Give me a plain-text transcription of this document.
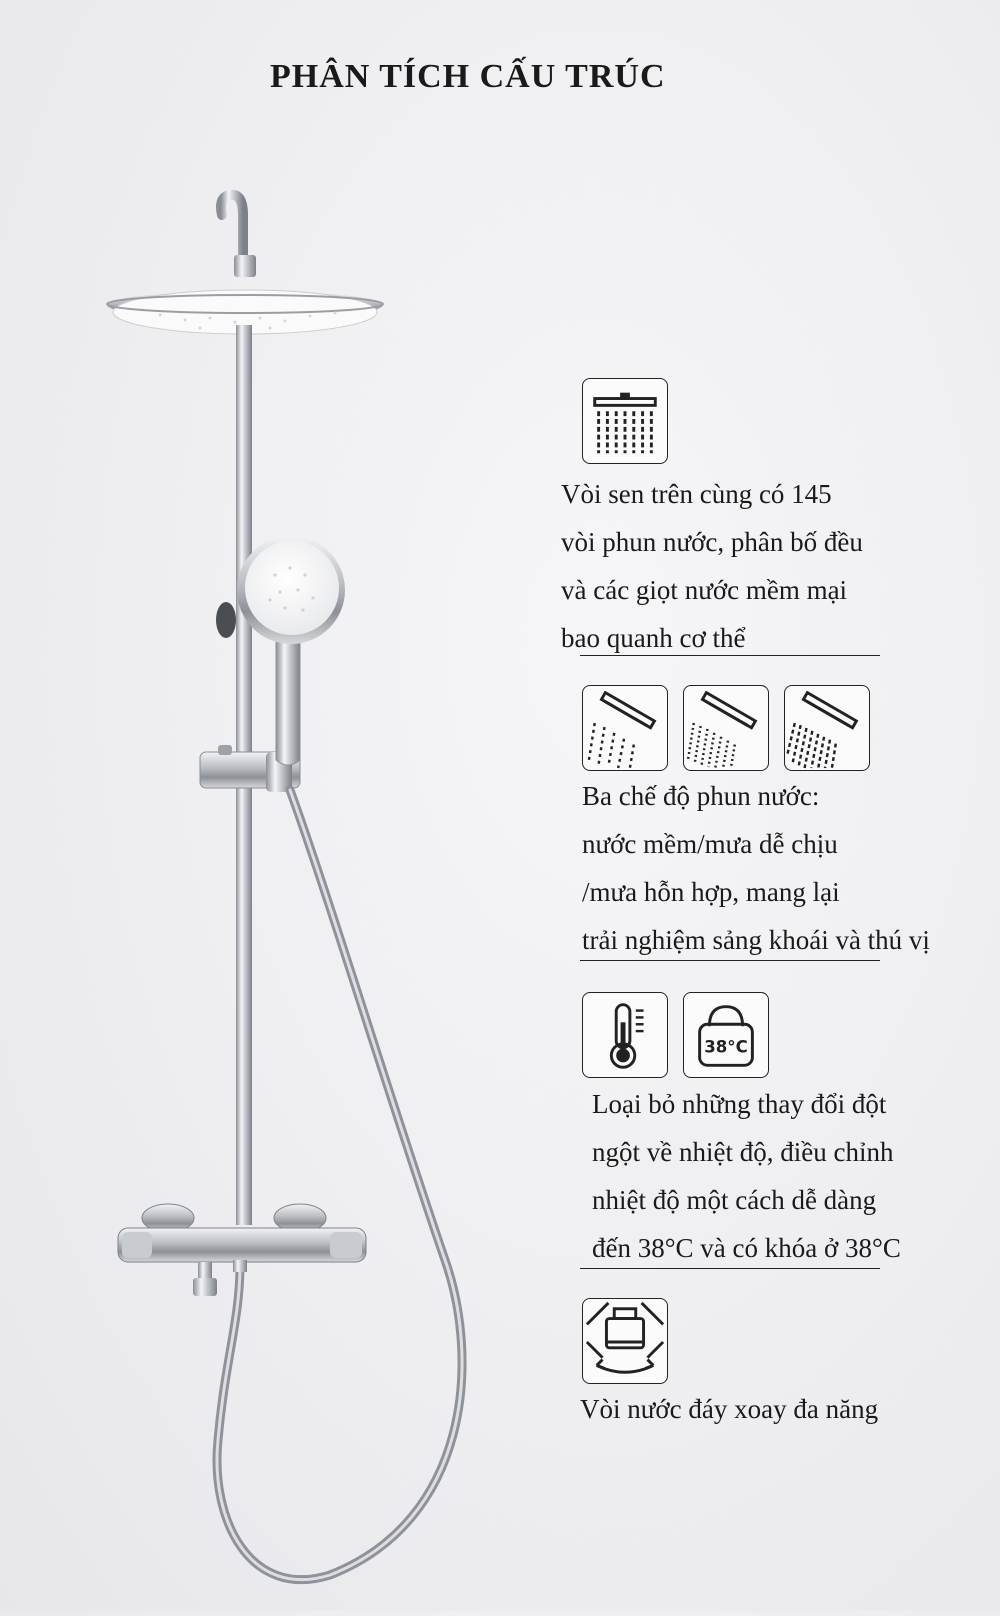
PHÂN TÍCH CẤU TRÚC
Vòi sen trên cùng có 145
vòi phun nước, phân bố đều
và các giọt nước mềm mại
bao quanh cơ thể
Ba chế độ phun nước:
nước mềm/mưa dễ chịu
/mưa hỗn hợp, mang lại
trải nghiệm sảng khoái và thú vị
38°C
Loại bỏ những thay đổi đột
ngột về nhiệt độ, điều chỉnh
nhiệt độ một cách dễ dàng
đến 38°C và có khóa ở 38°C
Vòi nước đáy xoay đa năng
